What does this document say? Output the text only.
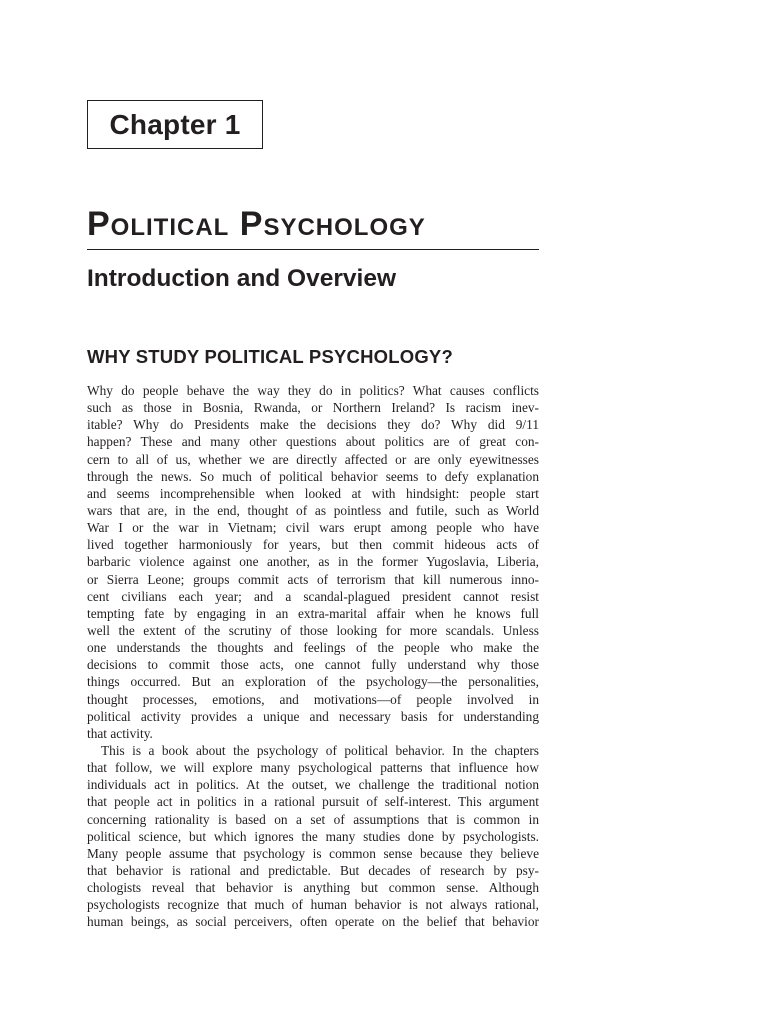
Chapter 1
Political Psychology
Introduction and Overview
WHY STUDY POLITICAL PSYCHOLOGY?
Why do people behave the way they do in politics? What causes conflicts
such as those in Bosnia, Rwanda, or Northern Ireland? Is racism inev-
itable? Why do Presidents make the decisions they do? Why did 9/11
happen? These and many other questions about politics are of great con-
cern to all of us, whether we are directly affected or are only eyewitnesses
through the news. So much of political behavior seems to defy explanation
and seems incomprehensible when looked at with hindsight: people start
wars that are, in the end, thought of as pointless and futile, such as World
War I or the war in Vietnam; civil wars erupt among people who have
lived together harmoniously for years, but then commit hideous acts of
barbaric violence against one another, as in the former Yugoslavia, Liberia,
or Sierra Leone; groups commit acts of terrorism that kill numerous inno-
cent civilians each year; and a scandal-plagued president cannot resist
tempting fate by engaging in an extra-marital affair when he knows full
well the extent of the scrutiny of those looking for more scandals. Unless
one understands the thoughts and feelings of the people who make the
decisions to commit those acts, one cannot fully understand why those
things occurred. But an exploration of the psychology—the personalities,
thought processes, emotions, and motivations—of people involved in
political activity provides a unique and necessary basis for understanding
that activity.
This is a book about the psychology of political behavior. In the chapters
that follow, we will explore many psychological patterns that influence how
individuals act in politics. At the outset, we challenge the traditional notion
that people act in politics in a rational pursuit of self-interest. This argument
concerning rationality is based on a set of assumptions that is common in
political science, but which ignores the many studies done by psychologists.
Many people assume that psychology is common sense because they believe
that behavior is rational and predictable. But decades of research by psy-
chologists reveal that behavior is anything but common sense. Although
psychologists recognize that much of human behavior is not always rational,
human beings, as social perceivers, often operate on the belief that behavior
